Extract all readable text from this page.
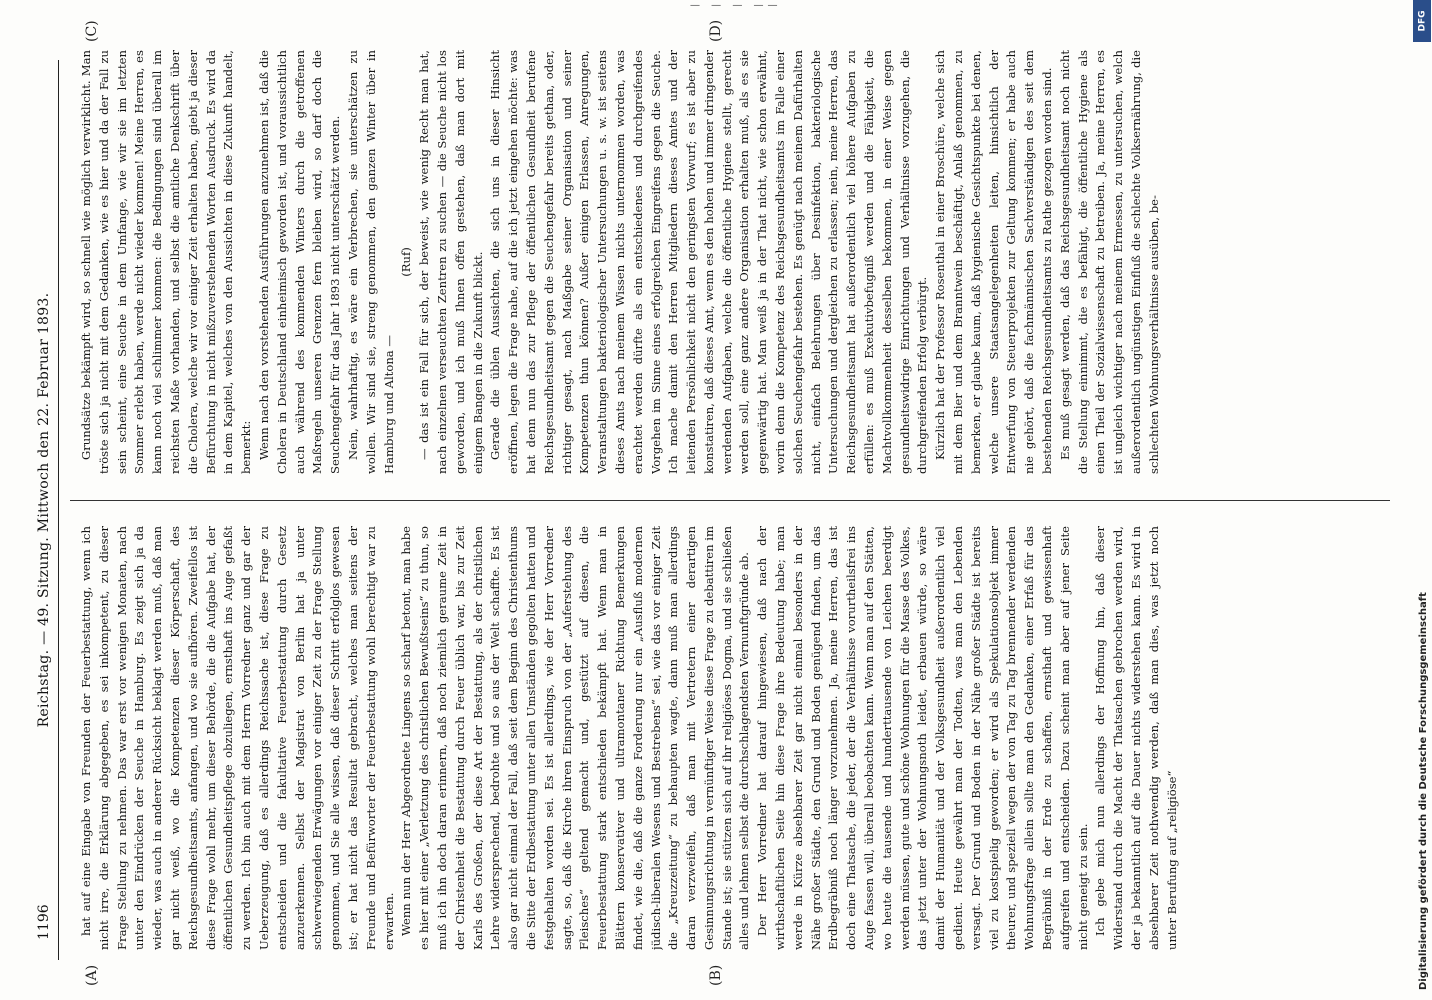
— — — ——
1196
Reichstag. — 49. Sitzung. Mittwoch den 22. Februar 1893.
(A)	(B)
(C)	(D)

hat auf eine Eingabe von Freunden der Feuerbestattung, wenn ich nicht irre, die Erklärung abgegeben, es sei inkompetent, zu dieser Frage Stellung zu nehmen. Das war erst vor wenigen Monaten, nach unter den Eindrücken der Seuche in Hamburg. Es zeigt sich ja da wieder, was auch in anderer Rücksicht beklagt werden muß, daß man gar nicht weiß, wo die Kompetenzen dieser Körperschaft, des Reichsgesundheitsamts, anfangen, und wo sie aufhören. Zweifellos ist diese Frage wohl mehr, um dieser Behörde, die die Aufgabe hat, der öffentlichen Gesundheitspflege obzuliegen, ernsthaft ins Auge gefaßt zu werden. Ich bin auch mit dem Herrn Vorredner ganz und gar der Ueberzeugung, daß es allerdings Reichssache ist, diese Frage zu entscheiden und die fakultative Feuerbestattung durch Gesetz anzuerkennen. Selbst der Magistrat von Berlin hat ja unter schwerwiegenden Erwägungen vor einiger Zeit zu der Frage Stellung genommen, und Sie alle wissen, daß dieser Schritt erfolglos gewesen ist; er hat nicht das Resultat gebracht, welches man seitens der Freunde und Befürworter der Feuerbestattung wohl berechtigt war zu erwarten. Wenn nun der Herr Abgeordnete Lingens so scharf betont, man habe es hier mit einer „Verletzung des christlichen Bewußtseins“ zu thun, so muß ich ihn doch daran erinnern, daß noch ziemlich geraume Zeit in der Christenheit die Bestattung durch Feuer üblich war, bis zur Zeit Karls des Großen, der diese Art der Bestattung, als der christlichen Lehre widersprechend, bedrohte und so aus der Welt schaffte. Es ist also gar nicht einmal der Fall, daß seit dem Beginn des Christenthums die Sitte der Erdbestattung unter allen Umständen gegolten hatten und festgehalten worden sei. Es ist allerdings, wie der Herr Vorredner sagte, so, daß die Kirche ihren Einspruch von der „Auferstehung des Fleisches“ geltend gemacht und, gestützt auf diesen, die Feuerbestattung stark entschieden bekämpft hat. Wenn man in Blättern konservativer und ultramontaner Richtung Bemerkungen findet, wie die, daß die ganze Forderung nur ein „Ausfluß modernen jüdisch-liberalen Wesens und Bestrebens“ sei, wie das vor einiger Zeit die „Kreuzzeitung“ zu behaupten wagte, dann muß man allerdings daran verzweifeln, daß man mit Vertretern einer derartigen Gesinnungsrichtung in vernünftiger Weise diese Frage zu debattiren im Stande ist; sie stützen sich auf ihr religiöses Dogma, und sie schließen alles und lehnen selbst die durchschlagendsten Vernunftgründe ab. Der Herr Vorredner hat darauf hingewiesen, daß nach der wirthschaftlichen Seite hin diese Frage ihre Bedeutung habe; man werde in Kürze absehbarer Zeit gar nicht einmal besonders in der Nähe großer Städte, den Grund und Boden genügend finden, um das Erdbegräbniß noch länger vorzunehmen. Ja, meine Herren, das ist doch eine Thatsache, die jeder, der die Verhältnisse vorurtheilsfrei ins Auge fassen will, überall beobachten kann. Wenn man auf den Stätten, wo heute die tausende und hunderttausende von Leichen beerdigt werden müssen, gute und schöne Wohnungen für die Masse des Volkes, das jetzt unter der Wohnungsnoth leidet, erbauen würde, so wäre damit der Humanität und der Volksgesundheit außerordentlich viel gedient. Heute gewährt man der Todten, was man den Lebenden versagt. Der Grund und Boden in der Nähe großer Städte ist bereits viel zu kostspielig geworden; er wird als Spekulationsobjekt immer theurer, und speziell wegen der von Tag zu Tag brennender werdenden Wohnungsfrage allein sollte man den Gedanken, einer Erfaß für das Begräbniß in der Erde zu schaffen, ernsthaft und gewissenhaft aufgreifen und entscheiden. Dazu scheint man aber auf jener Seite nicht geneigt zu sein. Ich gebe mich nun allerdings der Hoffnung hin, daß dieser Widerstand durch die Macht der Thatsachen gebrochen werden wird, der ja bekanntlich auf die Dauer nichts widerstehen kann. Es wird in absehbarer Zeit nothwendig werden, daß man dies, was jetzt noch unter Berufung auf „religiöse“

Grundsätze bekämpft wird, so schnell wie möglich verwirklicht. Man tröste sich ja nicht mit dem Gedanken, wie es hier und da der Fall zu sein scheint, eine Seuche in dem Umfange, wie wir sie im letzten Sommer erlebt haben, werde nicht wieder kommen! Meine Herren, es kann noch viel schlimmer kommen: die Bedingungen sind überall im reichsten Maße vorhanden, und selbst die amtliche Denkschrift über die Cholera, welche wir vor einiger Zeit erhalten haben, giebt ja dieser Befürchtung in nicht mißzuverstehenden Worten Ausdruck. Es wird da in dem Kapitel, welches von den Aussichten in diese Zukunft handelt, bemerkt: Wenn nach den vorstehenden Ausführungen anzunehmen ist, daß die Cholera in Deutschland einheimisch geworden ist, und voraussichtlich auch während des kommenden Winters durch die getroffenen Maßregeln unseren Grenzen fern bleiben wird, so darf doch die Seuchengefahr für das Jahr 1893 nicht unterschätzt werden. Nein, wahrhaftig, es wäre ein Verbrechen, sie unterschätzen zu wollen. Wir sind sie, streng genommen, den ganzen Winter über in Hamburg und Altona —

(Ruf) — das ist ein Fall für sich, der beweist, wie wenig Recht man hat, nach einzelnen verseuchten Zentren zu suchen — die Seuche nicht los geworden, und ich muß Ihnen offen gestehen, daß man dort mit einigem Bangen in die Zukunft blickt. Gerade die üblen Aussichten, die sich uns in dieser Hinsicht eröffnen, legen die Frage nahe, auf die ich jetzt eingehen möchte: was hat denn nun das zur Pflege der öffentlichen Gesundheit berufene Reichsgesundheitsamt gegen die Seuchengefahr bereits gethan, oder, richtiger gesagt, nach Maßgabe seiner Organisation und seiner Kompetenzen thun können? Außer einigen Erlassen, Anregungen, Veranstaltungen bakteriologischer Untersuchungen u. s. w. ist seitens dieses Amts nach meinem Wissen nichts unternommen worden, was erachtet werden dürfte als ein entschiedenes und durchgreifendes Vorgehen im Sinne eines erfolgreichen Eingreifens gegen die Seuche. Ich mache damit den Herren Mitgliedern dieses Amtes und der leitenden Persönlichkeit nicht den geringsten Vorwurf; es ist aber zu konstatiren, daß dieses Amt, wenn es den hohen und immer dringender werdenden Aufgaben, welche die öffentliche Hygiene stellt, gerecht werden soll, eine ganz andere Organisation erhalten muß, als es sie gegenwärtig hat. Man weiß ja in der That nicht, wie schon erwähnt, worin denn die Kompetenz des Reichsgesundheitsamts im Falle einer solchen Seuchengefahr bestehen. Es genügt nach meinem Dafürhalten nicht, einfach Belehrungen über Desinfektion, bakteriologische Untersuchungen und dergleichen zu erlassen; nein, meine Herren, das Reichsgesundheitsamt hat außerordentlich viel höhere Aufgaben zu erfüllen: es muß Exekutivbefugniß werden und die Fähigkeit, die Machtvollkommenheit desselben bekommen, in einer Weise gegen gesundheitswidrige Einrichtungen und Verhältnisse vorzugehen, die durchgreifenden Erfolg verbürgt. Kürzlich hat der Professor Rosenthal in einer Broschüre, welche sich mit dem Bier und dem Branntwein beschäftigt, Anlaß genommen, zu bemerken, er glaube kaum, daß hygienische Gesichtspunkte bei denen, welche unsere Staatsangelegenheiten leiten, hinsichtlich der Entwerfung von Steuerprojekten zur Geltung kommen; er habe auch nie gehört, daß die fachmännischen Sachverständigen des seit dem bestehenden Reichsgesundheitsamts zu Rathe gezogen worden sind. Es muß gesagt werden, daß das Reichsgesundheitsamt noch nicht die Stellung einnimmt, die es befähigt, die öffentliche Hygiene als einen Theil der Sozialwissenschaft zu betreiben. Ja, meine Herren, es ist ungleich wichtiger nach meinem Ermessen, zu untersuchen, welch außerordentlich ungünstigen Einfluß die schlechte Volksernährung, die schlechten Wohnungsverhältnisse ausüben, be-

DFG
Digitalisierung gefördert durch die Deutsche Forschungsgemeinschaft
